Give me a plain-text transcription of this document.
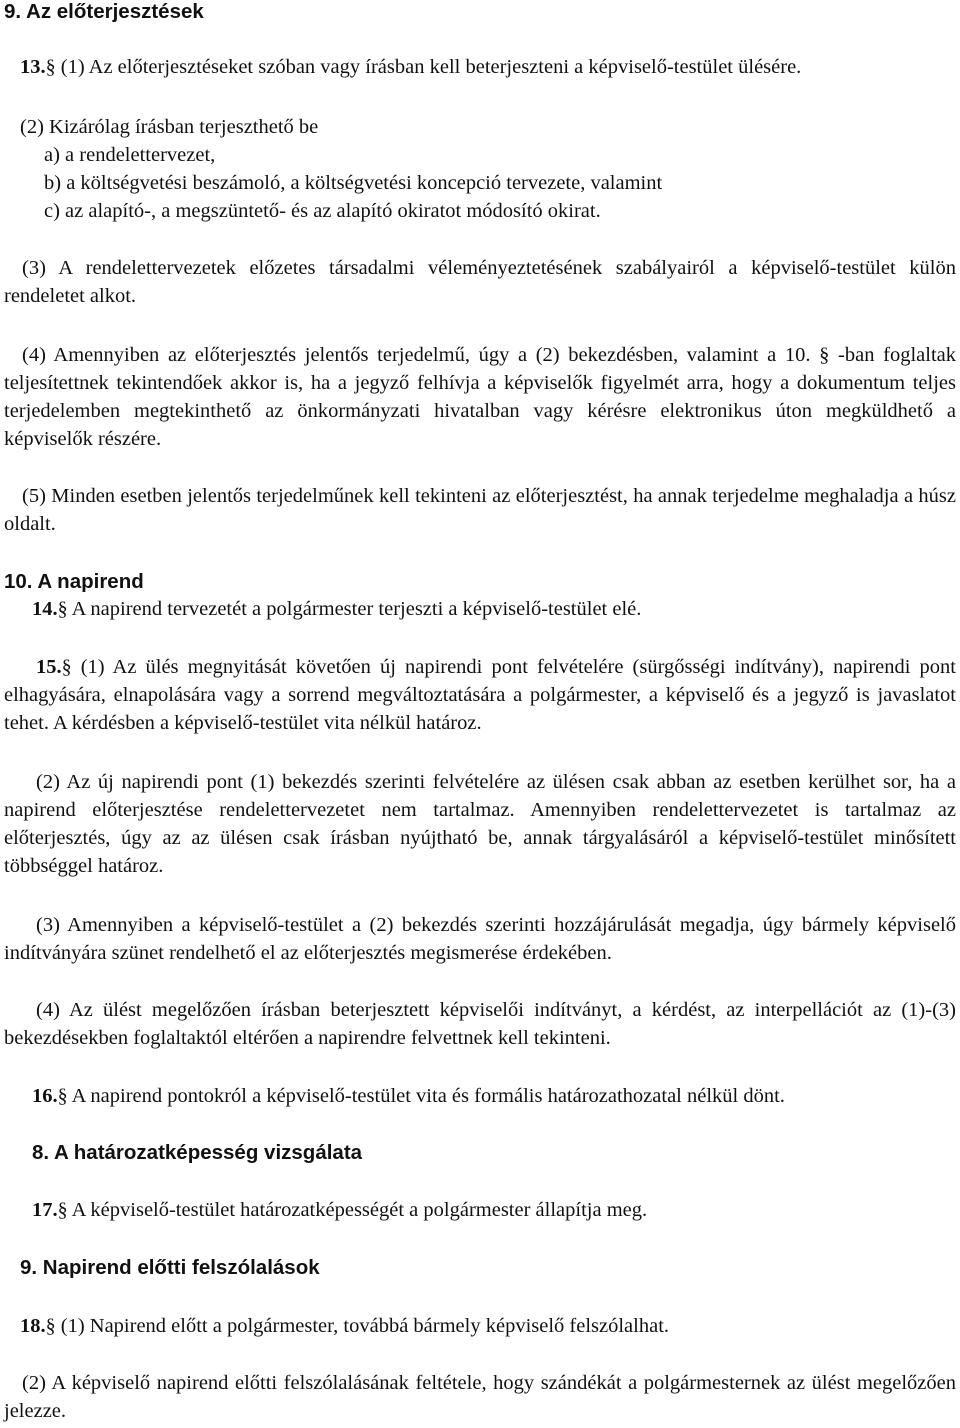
9. Az előterjesztések

13.§ (1) Az előterjesztéseket szóban vagy írásban kell beterjeszteni a képviselő-testület ülésére.

(2) Kizárólag írásban terjeszthető be
a) a rendelettervezet,
b) a költségvetési beszámoló, a költségvetési koncepció tervezete, valamint
c) az alapító-, a megszüntető- és az alapító okiratot módosító okirat.

(3) A rendelettervezetek előzetes társadalmi véleményeztetésének szabályairól a képviselő-testület külön rendeletet alkot.

(4) Amennyiben az előterjesztés jelentős terjedelmű, úgy a (2) bekezdésben, valamint a 10. § -ban foglaltak teljesítettnek tekintendőek akkor is, ha a jegyző felhívja a képviselők figyelmét arra, hogy a dokumentum teljes terjedelemben megtekinthető az önkormányzati hivatalban vagy kérésre elektronikus úton megküldhető a képviselők részére.

(5) Minden esetben jelentős terjedelműnek kell tekinteni az előterjesztést, ha annak terjedelme meghaladja a húsz oldalt.

10. A napirend

14.§ A napirend tervezetét a polgármester terjeszti a képviselő-testület elé.

15.§ (1) Az ülés megnyitását követően új napirendi pont felvételére (sürgősségi indítvány), napirendi pont elhagyására, elnapolására vagy a sorrend megváltoztatására a polgármester, a képviselő és a jegyző is javaslatot tehet. A kérdésben a képviselő-testület vita nélkül határoz.

(2) Az új napirendi pont (1) bekezdés szerinti felvételére az ülésen csak abban az esetben kerülhet sor, ha a napirend előterjesztése rendelettervezetet nem tartalmaz. Amennyiben rendelettervezetet is tartalmaz az előterjesztés, úgy az az ülésen csak írásban nyújtható be, annak tárgyalásáról a képviselő-testület minősített többséggel határoz.

(3) Amennyiben a képviselő-testület a (2) bekezdés szerinti hozzájárulását megadja, úgy bármely képviselő indítványára szünet rendelhető el az előterjesztés megismerése érdekében.

(4) Az ülést megelőzően írásban beterjesztett képviselői indítványt, a kérdést, az interpellációt az (1)-(3) bekezdésekben foglaltaktól eltérően a napirendre felvettnek kell tekinteni.

16.§ A napirend pontokról a képviselő-testület vita és formális határozathozatal nélkül dönt.

8. A határozatképesség vizsgálata

17.§ A képviselő-testület határozatképességét a polgármester állapítja meg.

9. Napirend előtti felszólalások

18.§ (1) Napirend előtt a polgármester, továbbá bármely képviselő felszólalhat.

(2) A képviselő napirend előtti felszólalásának feltétele, hogy szándékát a polgármesternek az ülést megelőzően jelezze.
